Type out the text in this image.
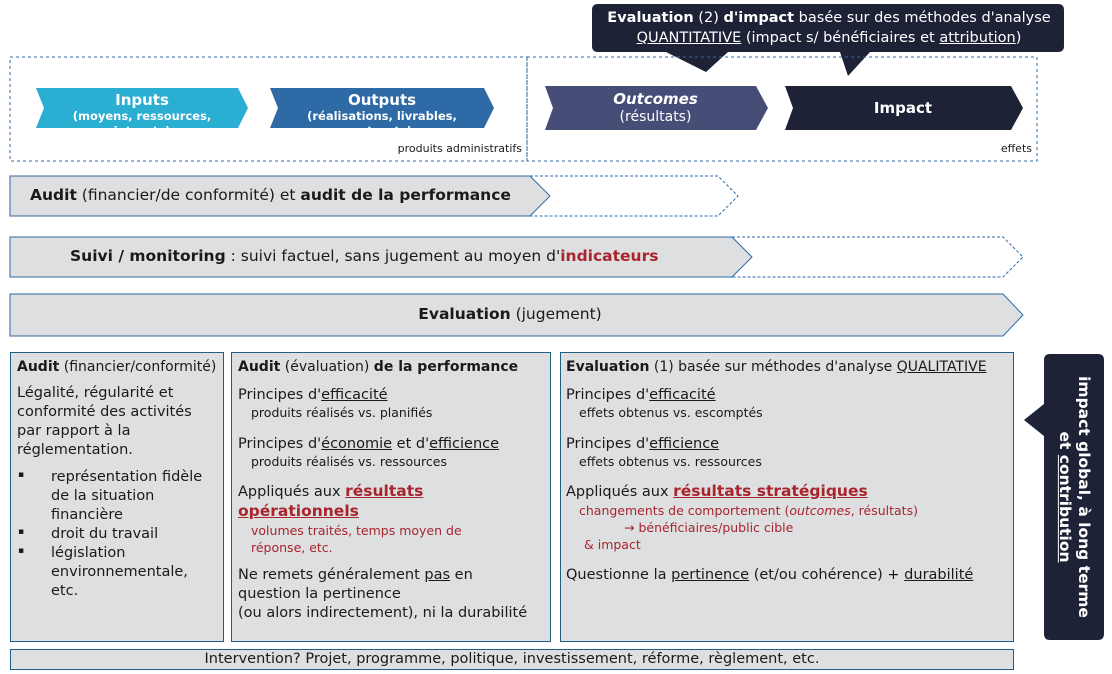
Evaluation (2) d'impact basée sur des méthodes d'analyse
QUANTITATIVE (impact s/ bénéficiaires et attribution)
Inputs
(moyens, ressources, intrants)
Outputs
(réalisations, livrables, extrants)
Outcomes
(résultats)	Impact
produits administratifs	effets
Audit (financier/de conformité) et audit de la performance
Suivi / monitoring : suivi factuel, sans jugement au moyen d'indicateurs
Evaluation (jugement)
Audit (financier/conformité)
Légalité, régularité et
conformité des activités
par rapport à la
réglementation.
▪	représentation fidèle
de la situation
financière
▪	droit du travail
▪	législation
environnementale,
etc.
Audit (évaluation) de la performance
Principes d'efficacité
produits réalisés vs. planifiés
Principes d'économie et d'efficience
produits réalisés vs. ressources
Appliqués aux résultats opérationnels
volumes traités, temps moyen de
réponse, etc.
Ne remets généralement pas en
question la pertinence
(ou alors indirectement), ni la durabilité
Evaluation (1) basée sur méthodes d'analyse QUALITATIVE
Principes d'efficacité
effets obtenus vs. escomptés
Principes d'efficience
effets obtenus vs. ressources
Appliqués aux résultats stratégiques
changements de comportement (outcomes, résultats)
→ bénéficiaires/public cible
& impact
Questionne la pertinence (et/ou cohérence) + durabilité	impact global, à long terme
et contribution
Intervention? Projet, programme, politique, investissement, réforme, règlement, etc.
